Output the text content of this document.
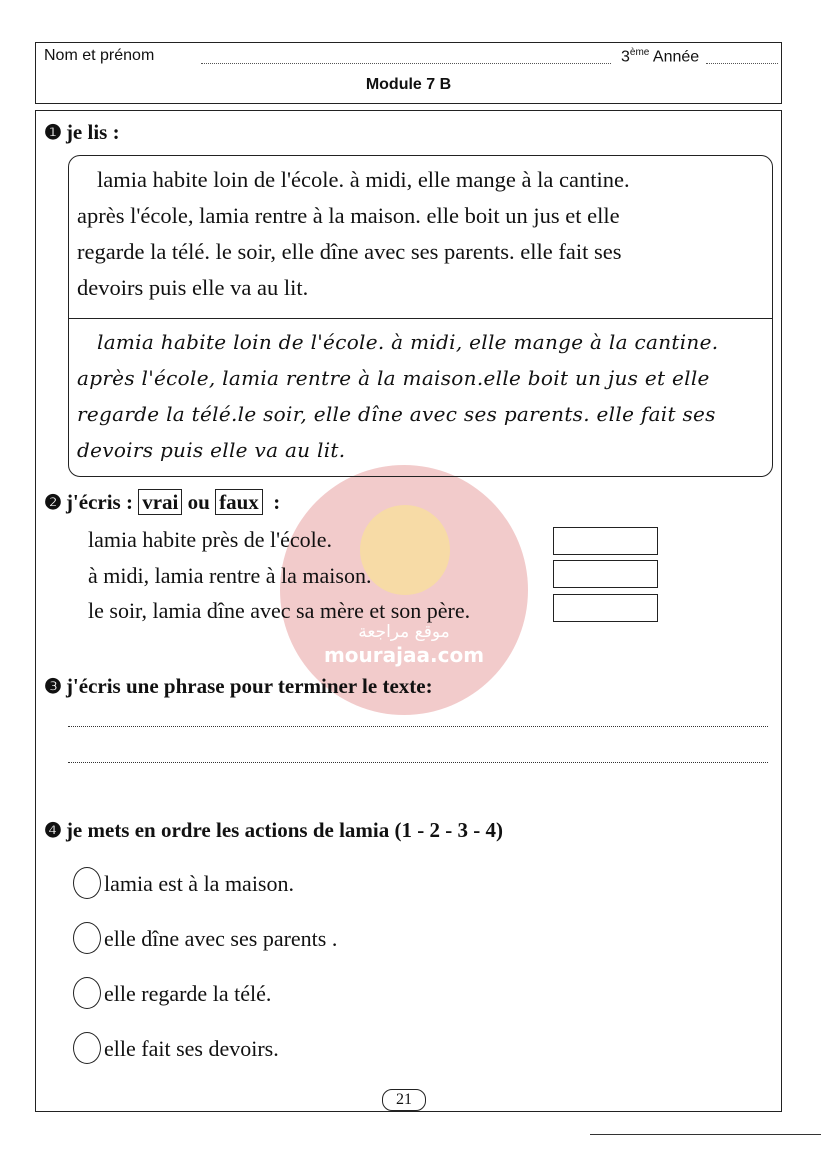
موقع مراجعة
mourajaa.com
Nom et prénom	3ème Année
Module 7 B
❶ je lis :
lamia habite loin de l'école. à midi, elle mange à la cantine.
après l'école, lamia rentre à la maison. elle boit un jus et elle
regarde la télé. le soir, elle dîne avec ses parents. elle fait ses
devoirs puis elle va au lit.
lamia habite loin de l'école. à midi, elle mange à la cantine.
après l'école, lamia rentre à la maison.elle boit un jus et elle
regarde la télé.le soir, elle dîne avec ses parents. elle fait ses
devoirs puis elle va au lit.
❷ j'écris : vrai ou faux :
lamia habite près de l'école.
à midi, lamia rentre à la maison.
le soir, lamia dîne avec sa mère et son père.
❸ j'écris une phrase pour terminer le texte:
❹ je mets en ordre les actions de lamia (1 - 2 - 3 - 4)
lamia est à la maison.
elle dîne avec ses parents .
elle regarde la télé.
elle fait ses devoirs.
21
